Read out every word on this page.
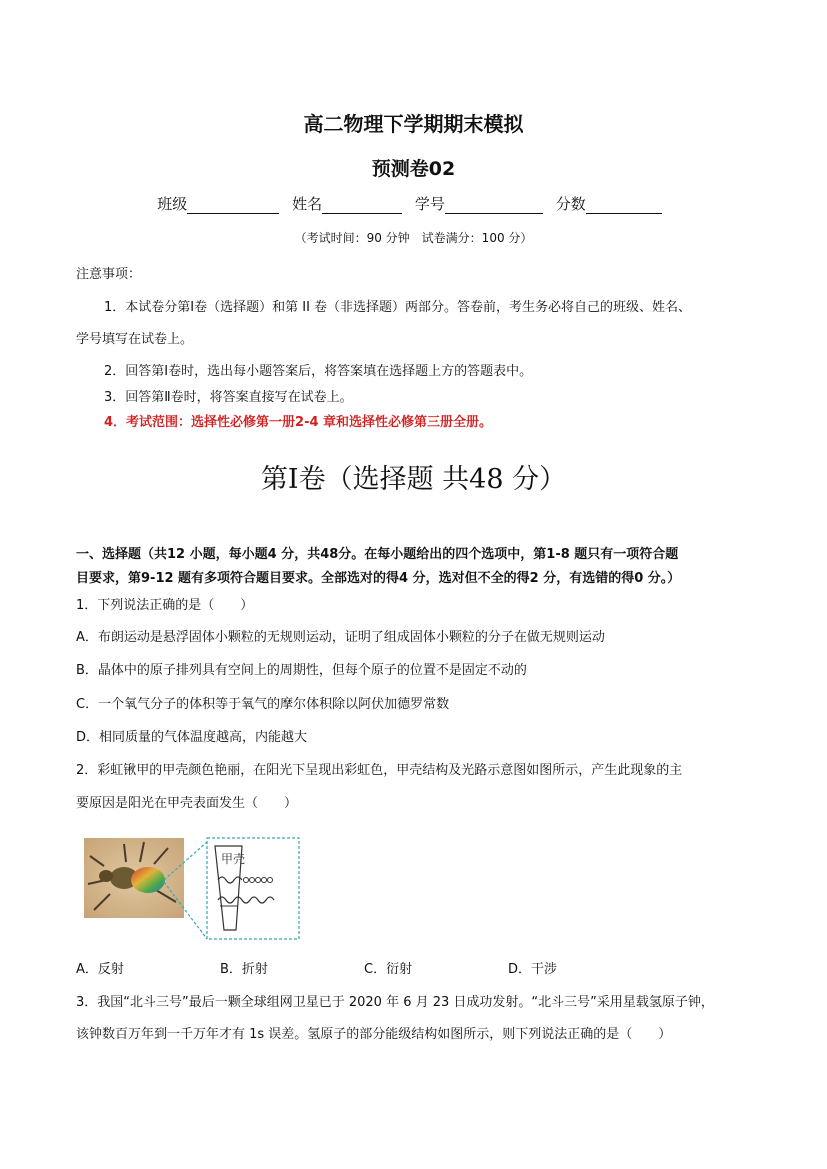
高二物理下学期期末模拟
预测卷02
班级	姓名	学号	分数
（考试时间：90 分钟　试卷满分：100 分）
注意事项：
1．本试卷分第Ⅰ卷（选择题）和第 II 卷（非选择题）两部分。答卷前，考生务必将自己的班级、姓名、
学号填写在试卷上。
2．回答第Ⅰ卷时，选出每小题答案后，将答案填在选择题上方的答题表中。
3．回答第Ⅱ卷时，将答案直接写在试卷上。
4．考试范围：选择性必修第一册2-4 章和选择性必修第三册全册。
第Ⅰ卷（选择题 共48 分）
一、选择题（共12 小题，每小题4 分，共48分。在每小题给出的四个选项中，第1-8 题只有一项符合题
目要求，第9-12 题有多项符合题目要求。全部选对的得4 分，选对但不全的得2 分，有选错的得0 分。）
1．下列说法正确的是（　　）
A．布朗运动是悬浮固体小颗粒的无规则运动，证明了组成固体小颗粒的分子在做无规则运动
B．晶体中的原子排列具有空间上的周期性，但每个原子的位置不是固定不动的
C．一个氧气分子的体积等于氧气的摩尔体积除以阿伏加德罗常数
D．相同质量的气体温度越高，内能越大
2．彩虹锹甲的甲壳颜色艳丽，在阳光下呈现出彩虹色，甲壳结构及光路示意图如图所示，产生此现象的主
要原因是阳光在甲壳表面发生（　　）
甲壳
A．反射	B．折射	C．衍射	D．干涉
3．我国“北斗三号”最后一颗全球组网卫星已于 2020 年 6 月 23 日成功发射。“北斗三号”采用星载氢原子钟，
该钟数百万年到一千万年才有 1s 误差。氢原子的部分能级结构如图所示，则下列说法正确的是（　　）
